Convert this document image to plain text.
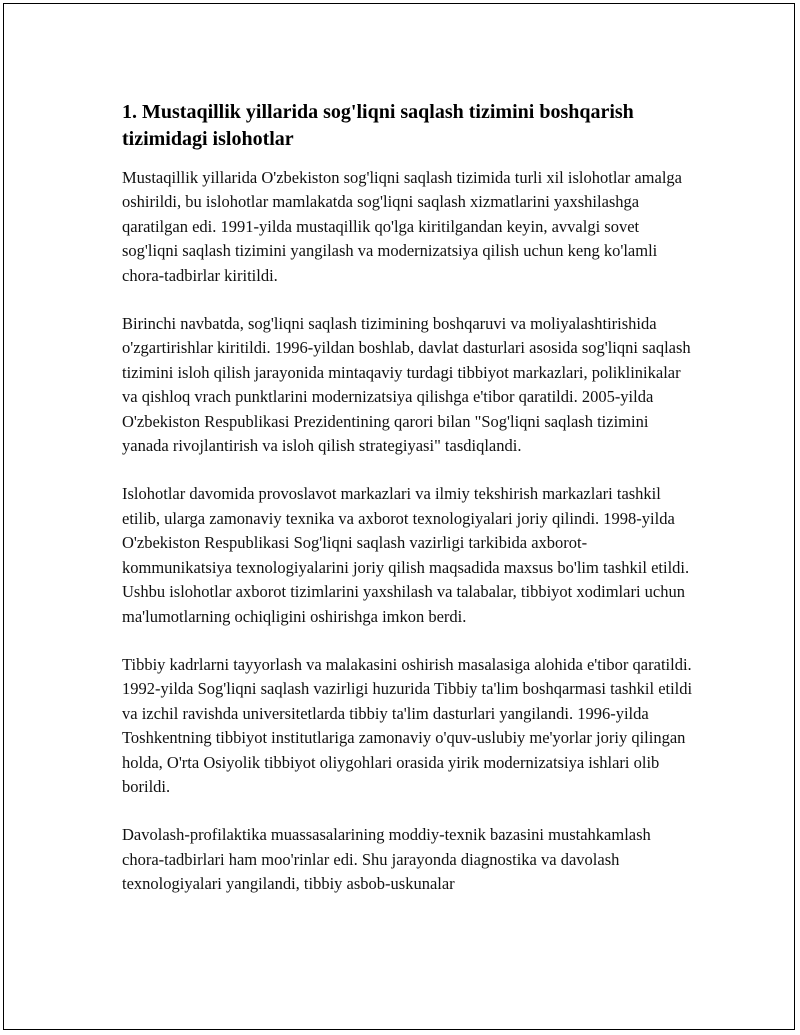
1. Mustaqillik yillarida sog'liqni saqlash tizimini boshqarish tizimidagi islohotlar

Mustaqillik yillarida O'zbekiston sog'liqni saqlash tizimida turli xil islohotlar amalga oshirildi, bu islohotlar mamlakatda sog'liqni saqlash xizmatlarini yaxshilashga qaratilgan edi. 1991-yilda mustaqillik qo'lga kiritilgandan keyin, avvalgi sovet sog'liqni saqlash tizimini yangilash va modernizatsiya qilish uchun keng ko'lamli chora-tadbirlar kiritildi.

Birinchi navbatda, sog'liqni saqlash tizimining boshqaruvi va moliyalashtirishida o'zgartirishlar kiritildi. 1996-yildan boshlab, davlat dasturlari asosida sog'liqni saqlash tizimini isloh qilish jarayonida mintaqaviy turdagi tibbiyot markazlari, poliklinikalar va qishloq vrach punktlarini modernizatsiya qilishga e'tibor qaratildi. 2005-yilda O'zbekiston Respublikasi Prezidentining qarori bilan "Sog'liqni saqlash tizimini yanada rivojlantirish va isloh qilish strategiyasi" tasdiqlandi.

Islohotlar davomida provoslavot markazlari va ilmiy tekshirish markazlari tashkil etilib, ularga zamonaviy texnika va axborot texnologiyalari joriy qilindi. 1998-yilda O'zbekiston Respublikasi Sog'liqni saqlash vazirligi tarkibida axborot-kommunikatsiya texnologiyalarini joriy qilish maqsadida maxsus bo'lim tashkil etildi. Ushbu islohotlar axborot tizimlarini yaxshilash va talabalar, tibbiyot xodimlari uchun ma'lumotlarning ochiqligini oshirishga imkon berdi.

Tibbiy kadrlarni tayyorlash va malakasini oshirish masalasiga alohida e'tibor qaratildi. 1992-yilda Sog'liqni saqlash vazirligi huzurida Tibbiy ta'lim boshqarmasi tashkil etildi va izchil ravishda universitetlarda tibbiy ta'lim dasturlari yangilandi. 1996-yilda Toshkentning tibbiyot institutlariga zamonaviy o'quv-uslubiy me'yorlar joriy qilingan holda, O'rta Osiyolik tibbiyot oliygohlari orasida yirik modernizatsiya ishlari olib borildi.

Davolash-profilaktika muassasalarining moddiy-texnik bazasini mustahkamlash chora-tadbirlari ham moo'rinlar edi. Shu jarayonda diagnostika va davolash texnologiyalari yangilandi, tibbiy asbob-uskunalar
